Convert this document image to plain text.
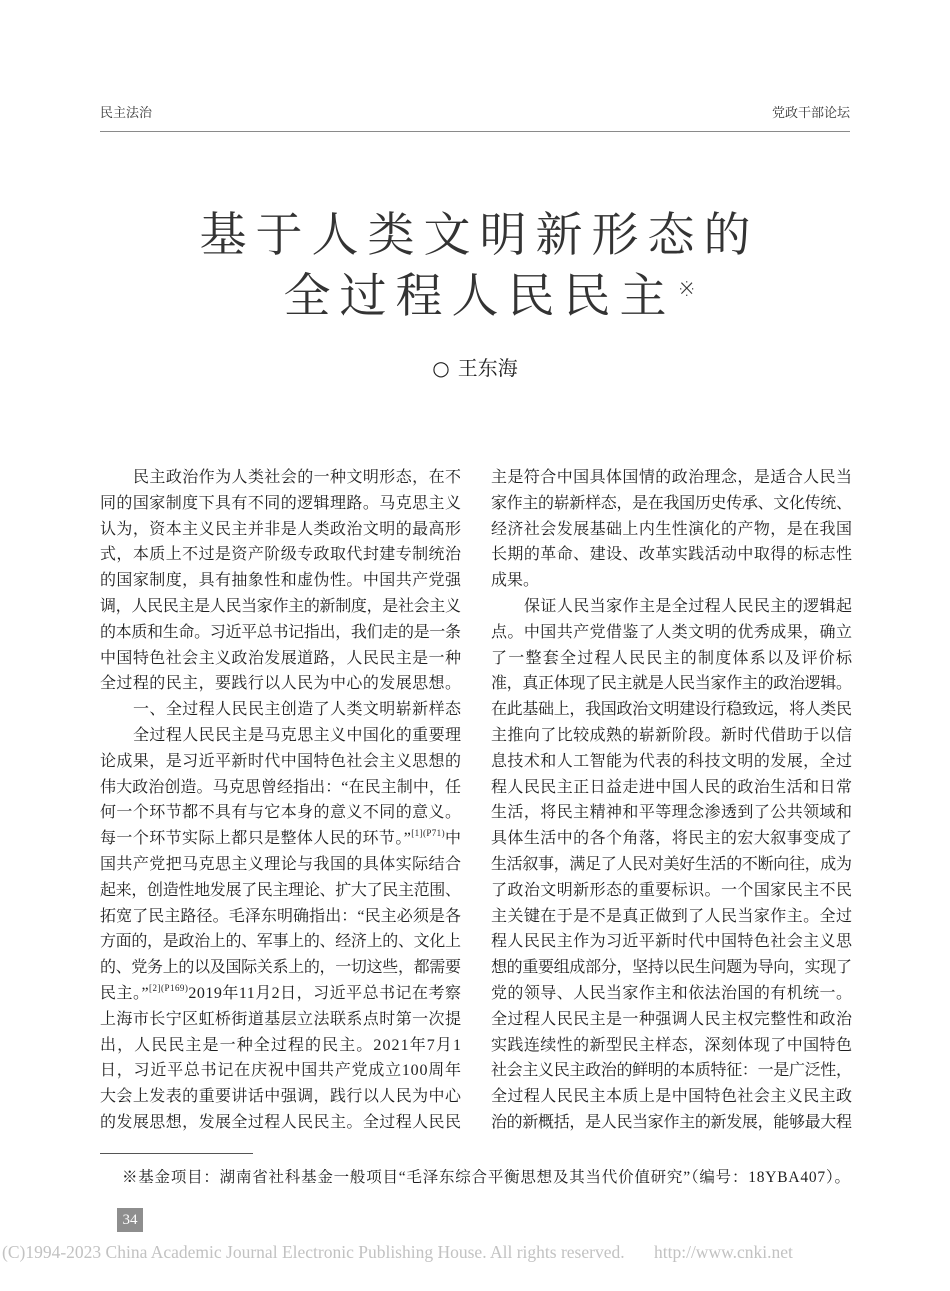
民主法治	党政干部论坛
基于人类文明新形态的
全过程人民民主 ※
○ 王东海
民主政治作为人类社会的一种文明形态，在不
同的国家制度下具有不同的逻辑理路。马克思主义
认为，资本主义民主并非是人类政治文明的最高形
式，本质上不过是资产阶级专政取代封建专制统治
的国家制度，具有抽象性和虚伪性。中国共产党强
调，人民民主是人民当家作主的新制度，是社会主义
的本质和生命。习近平总书记指出，我们走的是一条
中国特色社会主义政治发展道路，人民民主是一种
全过程的民主，要践行以人民为中心的发展思想。
一、全过程人民民主创造了人类文明崭新样态
全过程人民民主是马克思主义中国化的重要理
论成果，是习近平新时代中国特色社会主义思想的
伟大政治创造。马克思曾经指出：“在民主制中，任
何一个环节都不具有与它本身的意义不同的意义。
每一个环节实际上都只是整体人民的环节。”$^{[1](P71)}$中
国共产党把马克思主义理论与我国的具体实际结合
起来，创造性地发展了民主理论、扩大了民主范围、
拓宽了民主路径。毛泽东明确指出：“民主必须是各
方面的，是政治上的、军事上的、经济上的、文化上
的、党务上的以及国际关系上的，一切这些，都需要
民主。”$^{[2](P169)}$2019年11月2日，习近平总书记在考察
上海市长宁区虹桥街道基层立法联系点时第一次提
出，人民民主是一种全过程的民主。2021年7月1
日，习近平总书记在庆祝中国共产党成立100周年
大会上发表的重要讲话中强调，践行以人民为中心
的发展思想，发展全过程人民民主。全过程人民民
主是符合中国具体国情的政治理念，是适合人民当
家作主的崭新样态，是在我国历史传承、文化传统、
经济社会发展基础上内生性演化的产物，是在我国
长期的革命、建设、改革实践活动中取得的标志性
成果。
保证人民当家作主是全过程人民民主的逻辑起
点。中国共产党借鉴了人类文明的优秀成果，确立
了一整套全过程人民民主的制度体系以及评价标
准，真正体现了民主就是人民当家作主的政治逻辑。
在此基础上，我国政治文明建设行稳致远，将人类民
主推向了比较成熟的崭新阶段。新时代借助于以信
息技术和人工智能为代表的科技文明的发展，全过
程人民民主正日益走进中国人民的政治生活和日常
生活，将民主精神和平等理念渗透到了公共领域和
具体生活中的各个角落，将民主的宏大叙事变成了
生活叙事，满足了人民对美好生活的不断向往，成为
了政治文明新形态的重要标识。一个国家民主不民
主关键在于是不是真正做到了人民当家作主。全过
程人民民主作为习近平新时代中国特色社会主义思
想的重要组成部分，坚持以民生问题为导向，实现了
党的领导、人民当家作主和依法治国的有机统一。
全过程人民民主是一种强调人民主权完整性和政治
实践连续性的新型民主样态，深刻体现了中国特色
社会主义民主政治的鲜明的本质特征：一是广泛性，
全过程人民民主本质上是中国特色社会主义民主政
治的新概括，是人民当家作主的新发展，能够最大程
※基金项目：湖南省社科基金一般项目“毛泽东综合平衡思想及其当代价值研究”（编号：18YBA407）。
34
(C)1994-2023 China Academic Journal Electronic Publishing House. All rights reserved. http://www.cnki.net
